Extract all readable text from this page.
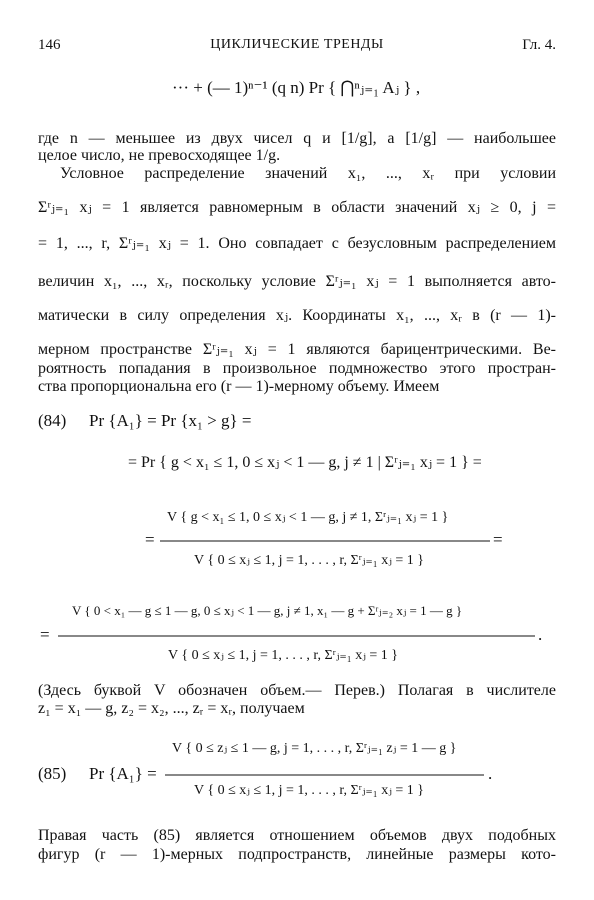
146	ЦИКЛИЧЕСКИЕ ТРЕНДЫ	Гл. 4.
··· + (— 1)ⁿ⁻¹ (q n) Pr { ⋂ⁿⱼ₌₁ Aⱼ } ,
где n — меньшее из двух чисел q и [1/g], а [1/g] — наибольшее
целое число, не превосходящее 1/g.
Условное распределение значений x₁, ..., xᵣ при условии
Σʳⱼ₌₁ xⱼ = 1 является равномерным в области значений xⱼ ≥ 0, j =
= 1, ..., r, Σʳⱼ₌₁ xⱼ = 1. Оно совпадает с безусловным распределением
величин x₁, ..., xᵣ, поскольку условие Σʳⱼ₌₁ xⱼ = 1 выполняется авто-
матически в силу определения xⱼ. Координаты x₁, ..., xᵣ в (r — 1)-
мерном пространстве Σʳⱼ₌₁ xⱼ = 1 являются барицентрическими. Ве-
роятность попадания в произвольное подмножество этого простран-
ства пропорциональна его (r — 1)-мерному объему. Имеем
(84) Pr {A₁} = Pr {x₁ > g} =
= Pr { g < x₁ ≤ 1, 0 ≤ xⱼ < 1 — g, j ≠ 1 | Σʳⱼ₌₁ xⱼ = 1 } =
V { g < x₁ ≤ 1, 0 ≤ xⱼ < 1 — g, j ≠ 1, Σʳⱼ₌₁ xⱼ = 1 }
=	=
V { 0 ≤ xⱼ ≤ 1, j = 1, . . . , r, Σʳⱼ₌₁ xⱼ = 1 }
V { 0 < x₁ — g ≤ 1 — g, 0 ≤ xⱼ < 1 — g, j ≠ 1, x₁ — g + Σʳⱼ₌₂ xⱼ = 1 — g }
=	.
V { 0 ≤ xⱼ ≤ 1, j = 1, . . . , r, Σʳⱼ₌₁ xⱼ = 1 }
(Здесь буквой V обозначен объем.— Перев.) Полагая в числителе
z₁ = x₁ — g, z₂ = x₂, ..., zᵣ = xᵣ, получаем
(85) Pr {A₁} =
V { 0 ≤ zⱼ ≤ 1 — g, j = 1, . . . , r, Σʳⱼ₌₁ zⱼ = 1 — g }
V { 0 ≤ xⱼ ≤ 1, j = 1, . . . , r, Σʳⱼ₌₁ xⱼ = 1 }
.
Правая часть (85) является отношением объемов двух подобных
фигур (r — 1)-мерных подпространств, линейные размеры кото-
